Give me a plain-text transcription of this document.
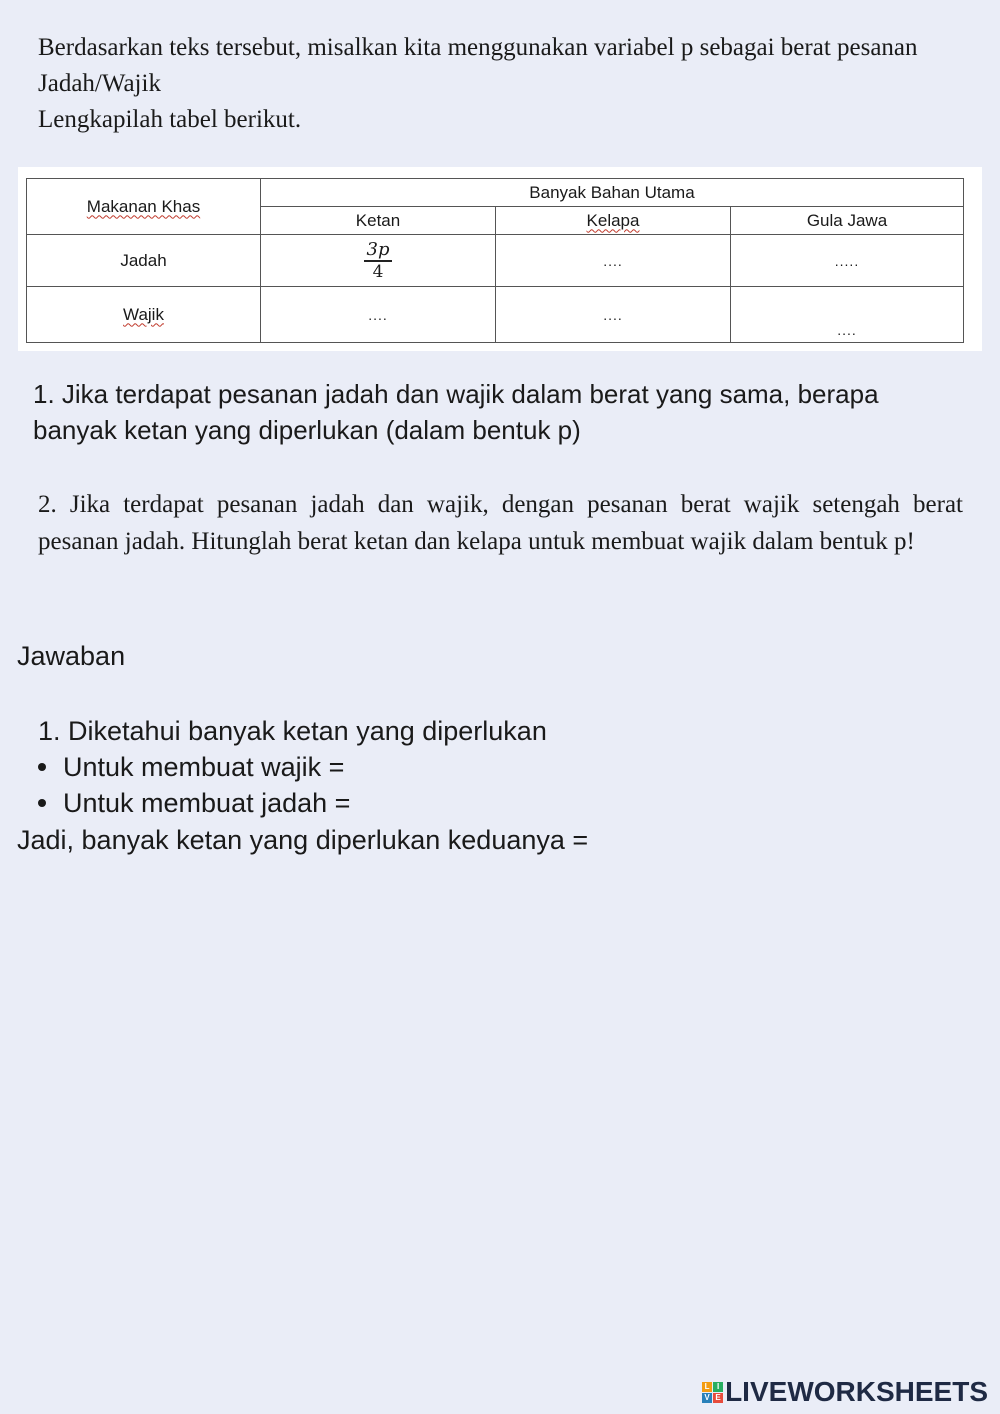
Berdasarkan teks tersebut, misalkan kita menggunakan variabel p sebagai berat pesanan Jadah/Wajik

Lengkapilah tabel berikut.

Makanan Khas	Banyak Bahan Utama		
	Ketan	Kelapa	Gula Jawa
Jadah	$\frac{3p}{4}$	....	.....
Wajik	....	....	....
1. Jika terdapat pesanan jadah dan wajik dalam berat yang sama, berapa banyak ketan yang diperlukan (dalam bentuk p)
2. Jika terdapat pesanan jadah dan wajik, dengan pesanan berat wajik setengah berat pesanan jadah. Hitunglah berat ketan dan kelapa untuk membuat wajik dalam bentuk p!
Jawaban
1. Diketahui banyak ketan yang diperlukan
Untuk membuat wajik =
Untuk membuat jadah =
Jadi, banyak ketan yang diperlukan keduanya =
L I
V E LIVEWORKSHEETS
